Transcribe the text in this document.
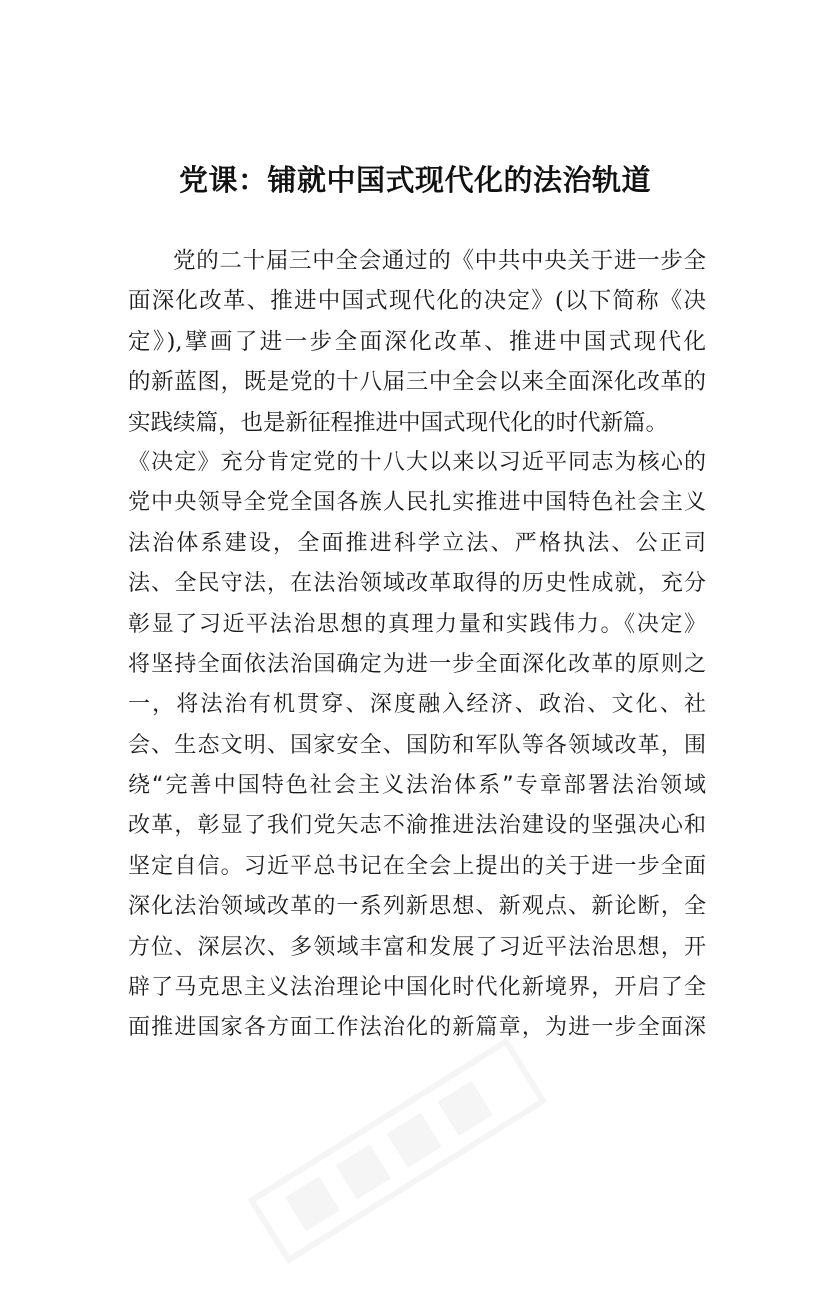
党课：铺就中国式现代化的法治轨道
党的二十届三中全会通过的《中共中央关于进一步全
面深化改革、推进中国式现代化的决定》(以下简称《决
定》),擘画了进一步全面深化改革、推进中国式现代化
的新蓝图，既是党的十八届三中全会以来全面深化改革的
实践续篇，也是新征程推进中国式现代化的时代新篇。
《决定》充分肯定党的十八大以来以习近平同志为核心的
党中央领导全党全国各族人民扎实推进中国特色社会主义
法治体系建设，全面推进科学立法、严格执法、公正司
法、全民守法，在法治领域改革取得的历史性成就，充分
彰显了习近平法治思想的真理力量和实践伟力。《决定》
将坚持全面依法治国确定为进一步全面深化改革的原则之
一，将法治有机贯穿、深度融入经济、政治、文化、社
会、生态文明、国家安全、国防和军队等各领域改革，围
绕“完善中国特色社会主义法治体系”专章部署法治领域
改革，彰显了我们党矢志不渝推进法治建设的坚强决心和
坚定自信。习近平总书记在全会上提出的关于进一步全面
深化法治领域改革的一系列新思想、新观点、新论断，全
方位、深层次、多领域丰富和发展了习近平法治思想，开
辟了马克思主义法治理论中国化时代化新境界，开启了全
面推进国家各方面工作法治化的新篇章，为进一步全面深
